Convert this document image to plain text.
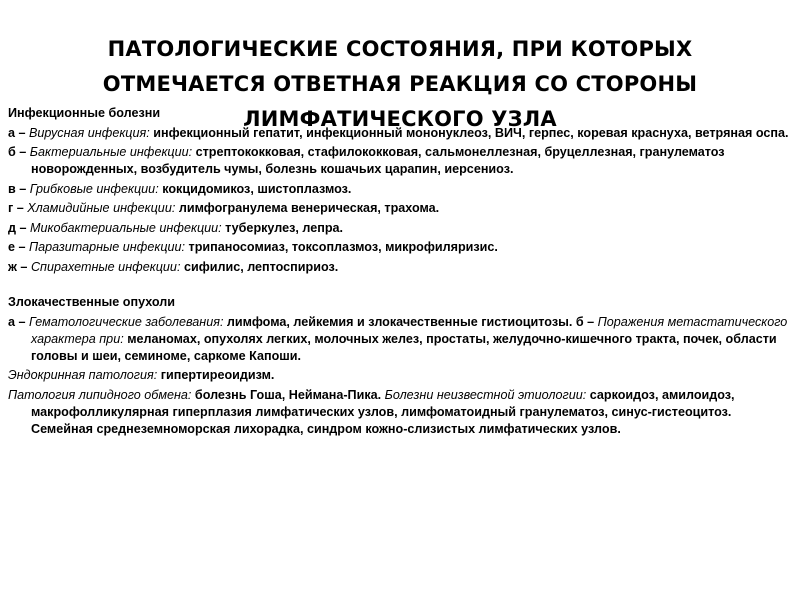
ПАТОЛОГИЧЕСКИЕ СОСТОЯНИЯ, ПРИ КОТОРЫХ
ОТМЕЧАЕТСЯ ОТВЕТНАЯ РЕАКЦИЯ СО СТОРОНЫ
ЛИМФАТИЧЕСКОГО УЗЛА

Инфекционные болезни

а – Вирусная инфекция: инфекционный гепатит, инфекционный мононуклеоз, ВИЧ, герпес, коревая краснуха, ветряная оспа.

б – Бактериальные инфекции: стрептококковая, стафилококковая, сальмонеллезная, бруцеллезная, гранулематоз новорожденных, возбудитель чумы, болезнь кошачьих царапин, иерсениоз.

в – Грибковые инфекции: кокцидомикоз, шистоплазмоз.

г – Хламидийные инфекции: лимфогранулема венерическая, трахома.

д – Микобактериальные инфекции: туберкулез, лепра.

е – Паразитарные инфекции: трипаносомиаз, токсоплазмоз, микрофиляризис.

ж – Спирахетные инфекции: сифилис, лептоспириоз.

Злокачественные опухоли

а – Гематологические заболевания: лимфома, лейкемия и злокачественные гистиоцитозы. б – Поражения метастатического характера при: меланомах, опухолях легких, молочных желез, простаты, желудочно-кишечного тракта, почек, области головы и шеи, семиноме, саркоме Капоши.

Эндокринная патология: гипертиреоидизм.

Патология липидного обмена: болезнь Гоша, Неймана-Пика. Болезни неизвестной этиологии: саркоидоз, амилоидоз, макрофолликулярная гиперплазия лимфатических узлов, лимфоматоидный гранулематоз, синус-гистеоцитоз. Семейная среднеземноморская лихорадка, синдром кожно-слизистых лимфатических узлов.
